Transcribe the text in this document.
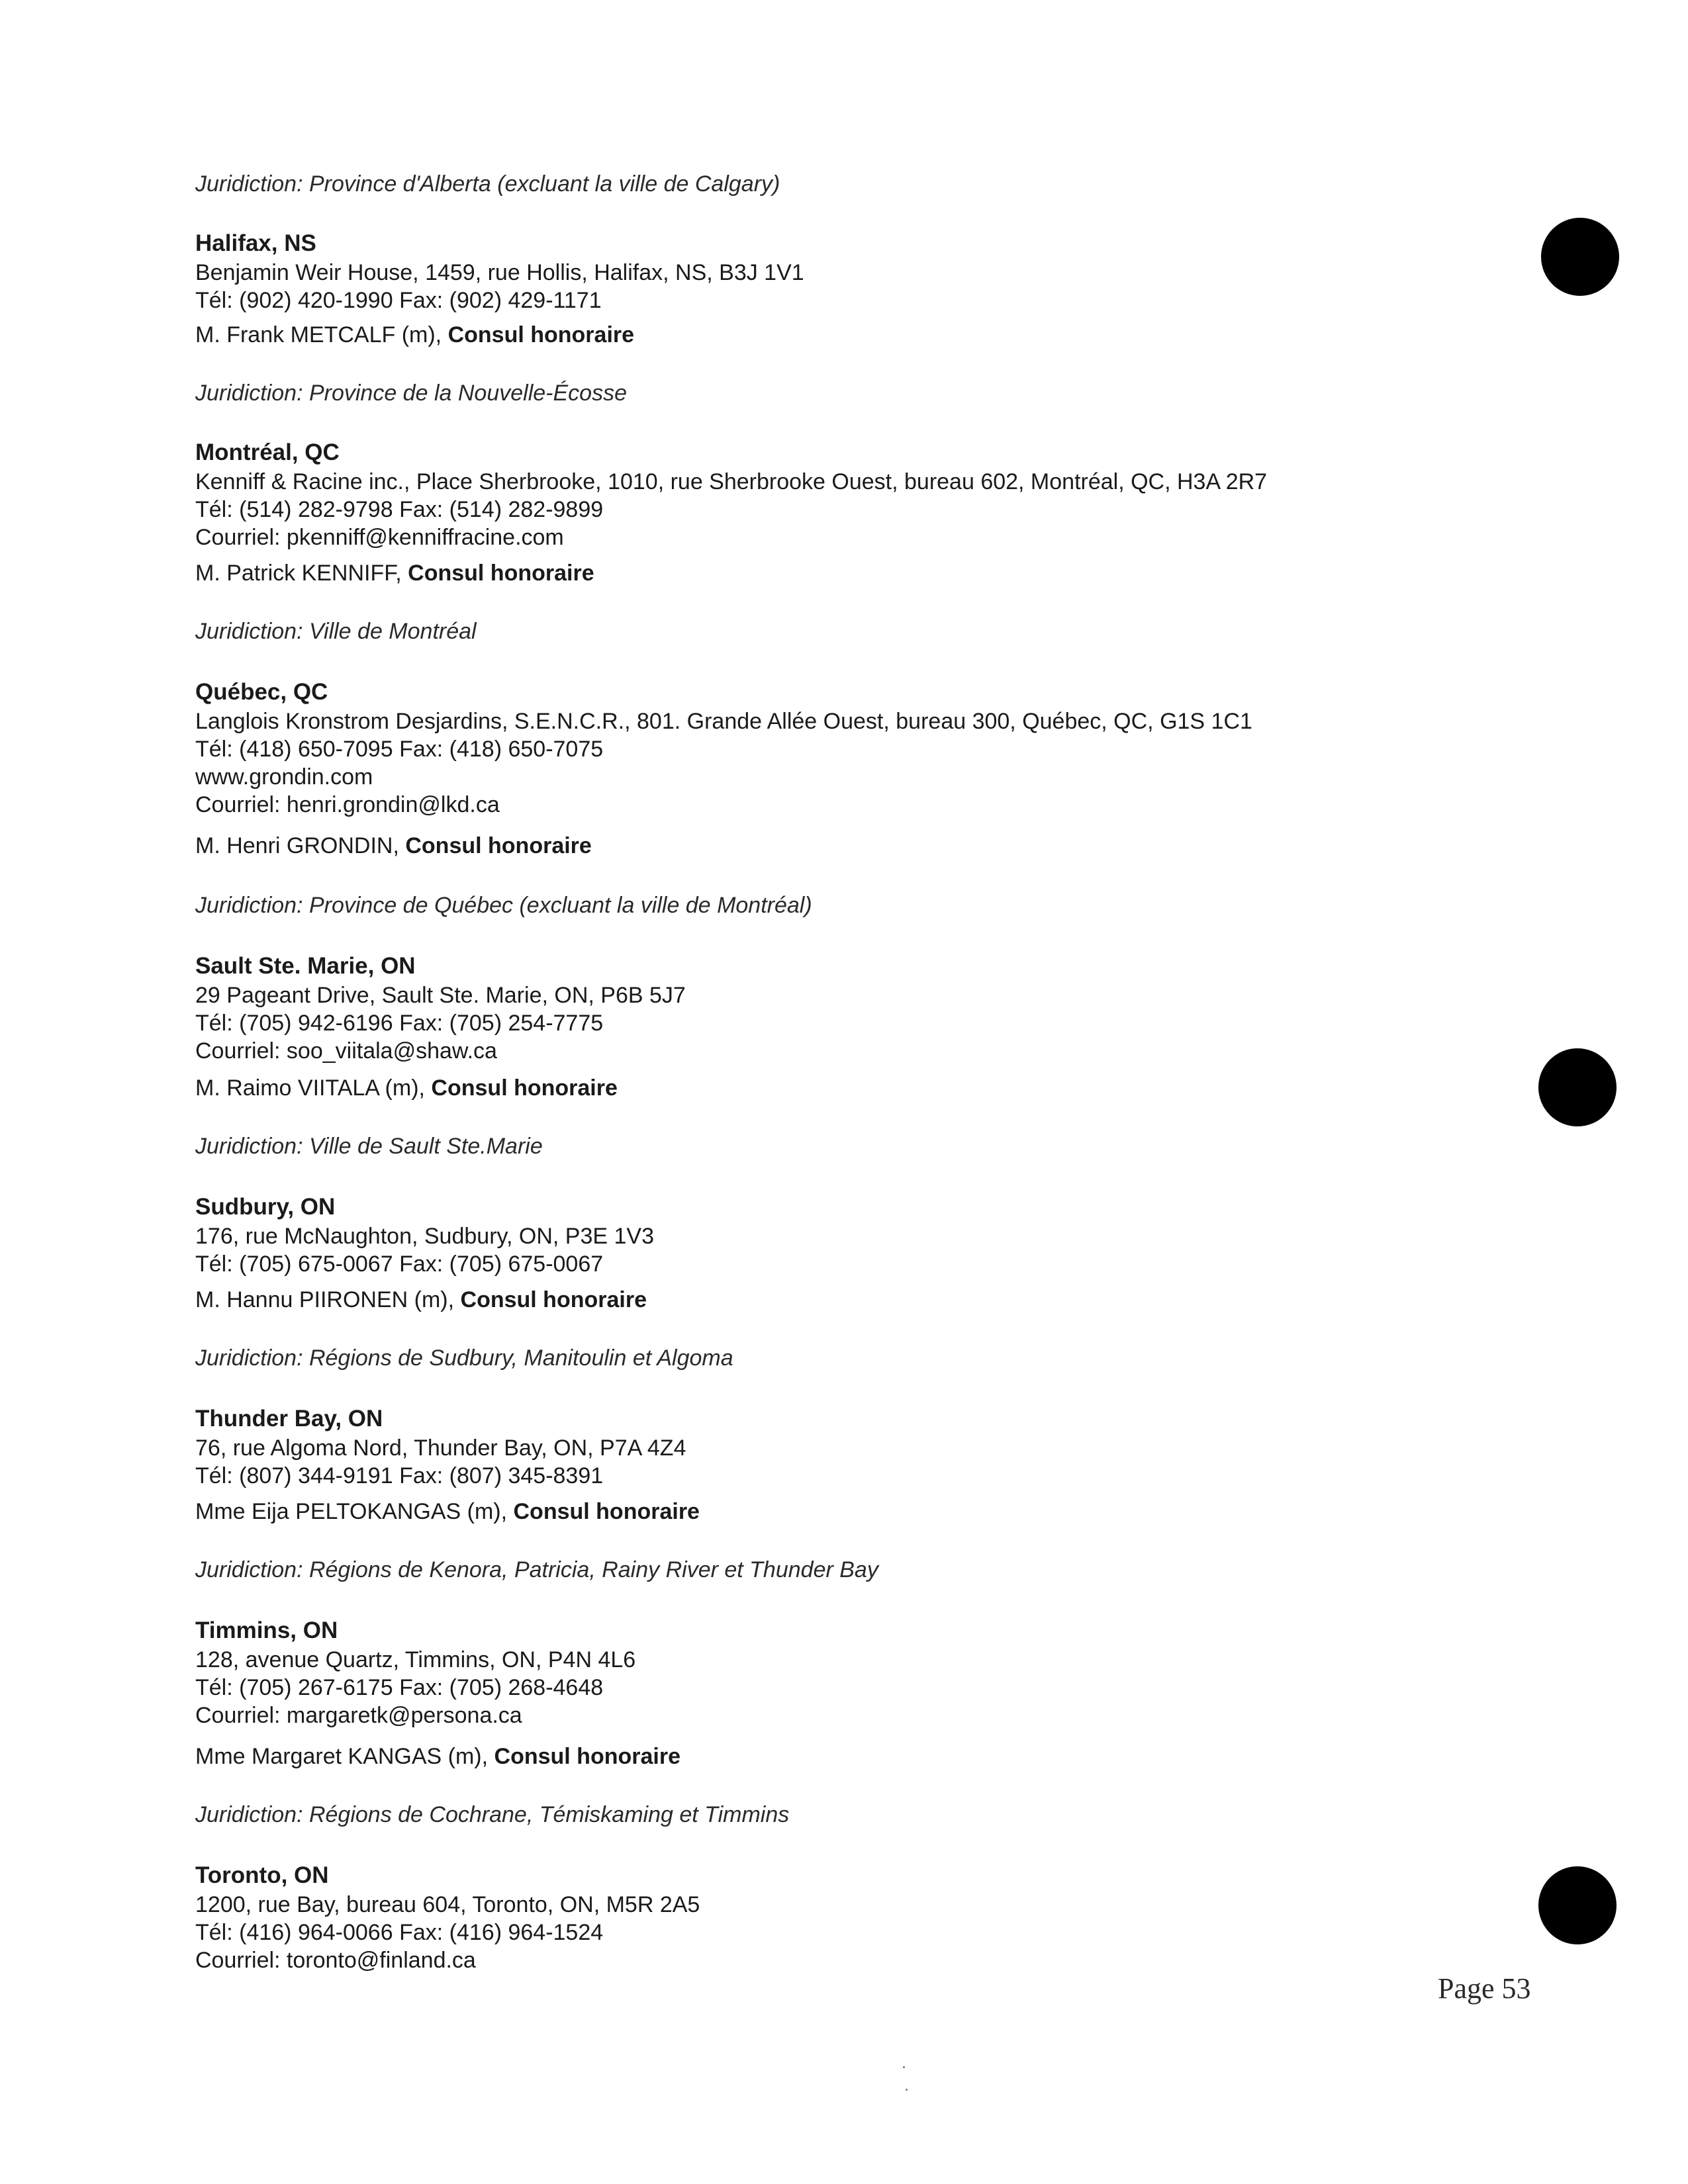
Juridiction: Province d'Alberta (excluant la ville de Calgary)
Halifax, NS
Benjamin Weir House, 1459, rue Hollis, Halifax, NS, B3J 1V1
Tél: (902) 420-1990 Fax: (902) 429-1171
M. Frank METCALF (m), Consul honoraire
Juridiction: Province de la Nouvelle-Écosse
Montréal, QC
Kenniff & Racine inc., Place Sherbrooke, 1010, rue Sherbrooke Ouest, bureau 602, Montréal, QC, H3A 2R7
Tél: (514) 282-9798 Fax: (514) 282-9899
Courriel: pkenniff@kenniffracine.com
M. Patrick KENNIFF, Consul honoraire
Juridiction: Ville de Montréal
Québec, QC
Langlois Kronstrom Desjardins, S.E.N.C.R., 801. Grande Allée Ouest, bureau 300, Québec, QC, G1S 1C1
Tél: (418) 650-7095 Fax: (418) 650-7075
www.grondin.com
Courriel: henri.grondin@lkd.ca
M. Henri GRONDIN, Consul honoraire
Juridiction: Province de Québec (excluant la ville de Montréal)
Sault Ste. Marie, ON
29 Pageant Drive, Sault Ste. Marie, ON, P6B 5J7
Tél: (705) 942-6196 Fax: (705) 254-7775
Courriel: soo_viitala@shaw.ca
M. Raimo VIITALA (m), Consul honoraire
Juridiction: Ville de Sault Ste.Marie
Sudbury, ON
176, rue McNaughton, Sudbury, ON, P3E 1V3
Tél: (705) 675-0067 Fax: (705) 675-0067
M. Hannu PIIRONEN (m), Consul honoraire
Juridiction: Régions de Sudbury, Manitoulin et Algoma
Thunder Bay, ON
76, rue Algoma Nord, Thunder Bay, ON, P7A 4Z4
Tél: (807) 344-9191 Fax: (807) 345-8391
Mme Eija PELTOKANGAS (m), Consul honoraire
Juridiction: Régions de Kenora, Patricia, Rainy River et Thunder Bay
Timmins, ON
128, avenue Quartz, Timmins, ON, P4N 4L6
Tél: (705) 267-6175 Fax: (705) 268-4648
Courriel: margaretk@persona.ca
Mme Margaret KANGAS (m), Consul honoraire
Juridiction: Régions de Cochrane, Témiskaming et Timmins
Toronto, ON
1200, rue Bay, bureau 604, Toronto, ON, M5R 2A5
Tél: (416) 964-0066 Fax: (416) 964-1524
Courriel: toronto@finland.ca
Page 53
